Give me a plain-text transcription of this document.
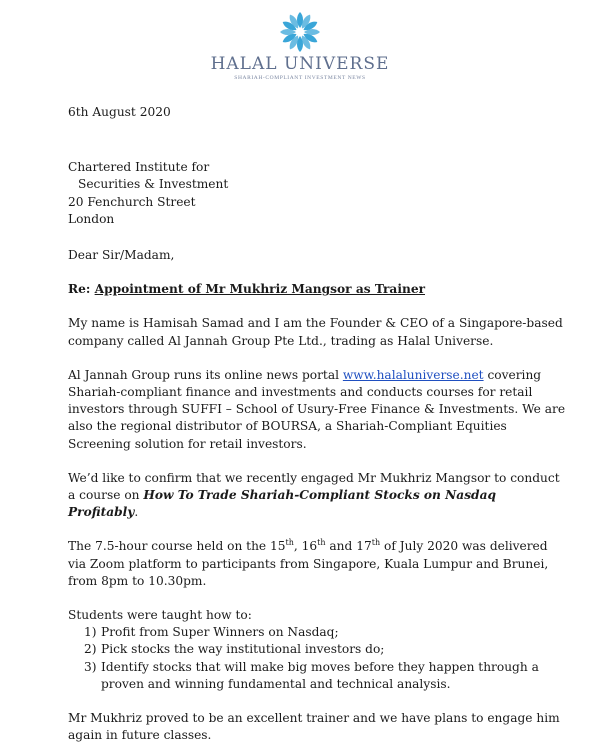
HALAL UNIVERSE
SHARIAH-COMPLIANT INVESTMENT NEWS

6th August 2020

Chartered Institute for
Securities & Investment
20 Fenchurch Street
London

Dear Sir/Madam,

Re: Appointment of Mr Mukhriz Mangsor as Trainer

My name is Hamisah Samad and I am the Founder & CEO of a Singapore-based company called Al Jannah Group Pte Ltd., trading as Halal Universe.

Al Jannah Group runs its online news portal www.halaluniverse.net covering Shariah-compliant finance and investments and conducts courses for retail investors through SUFFI – School of Usury-Free Finance & Investments. We are also the regional distributor of BOURSA, a Shariah-Compliant Equities Screening solution for retail investors.

We’d like to confirm that we recently engaged Mr Mukhriz Mangsor to conduct a course on How To Trade Shariah-Compliant Stocks on Nasdaq Profitably.

The 7.5-hour course held on the 15th, 16th and 17th of July 2020 was delivered via Zoom platform to participants from Singapore, Kuala Lumpur and Brunei, from 8pm to 10.30pm.

Students were taught how to:

1) Profit from Super Winners on Nasdaq;
2) Pick stocks the way institutional investors do;
3) Identify stocks that will make big moves before they happen through a proven and winning fundamental and technical analysis.

Mr Mukhriz proved to be an excellent trainer and we have plans to engage him again in future classes.
